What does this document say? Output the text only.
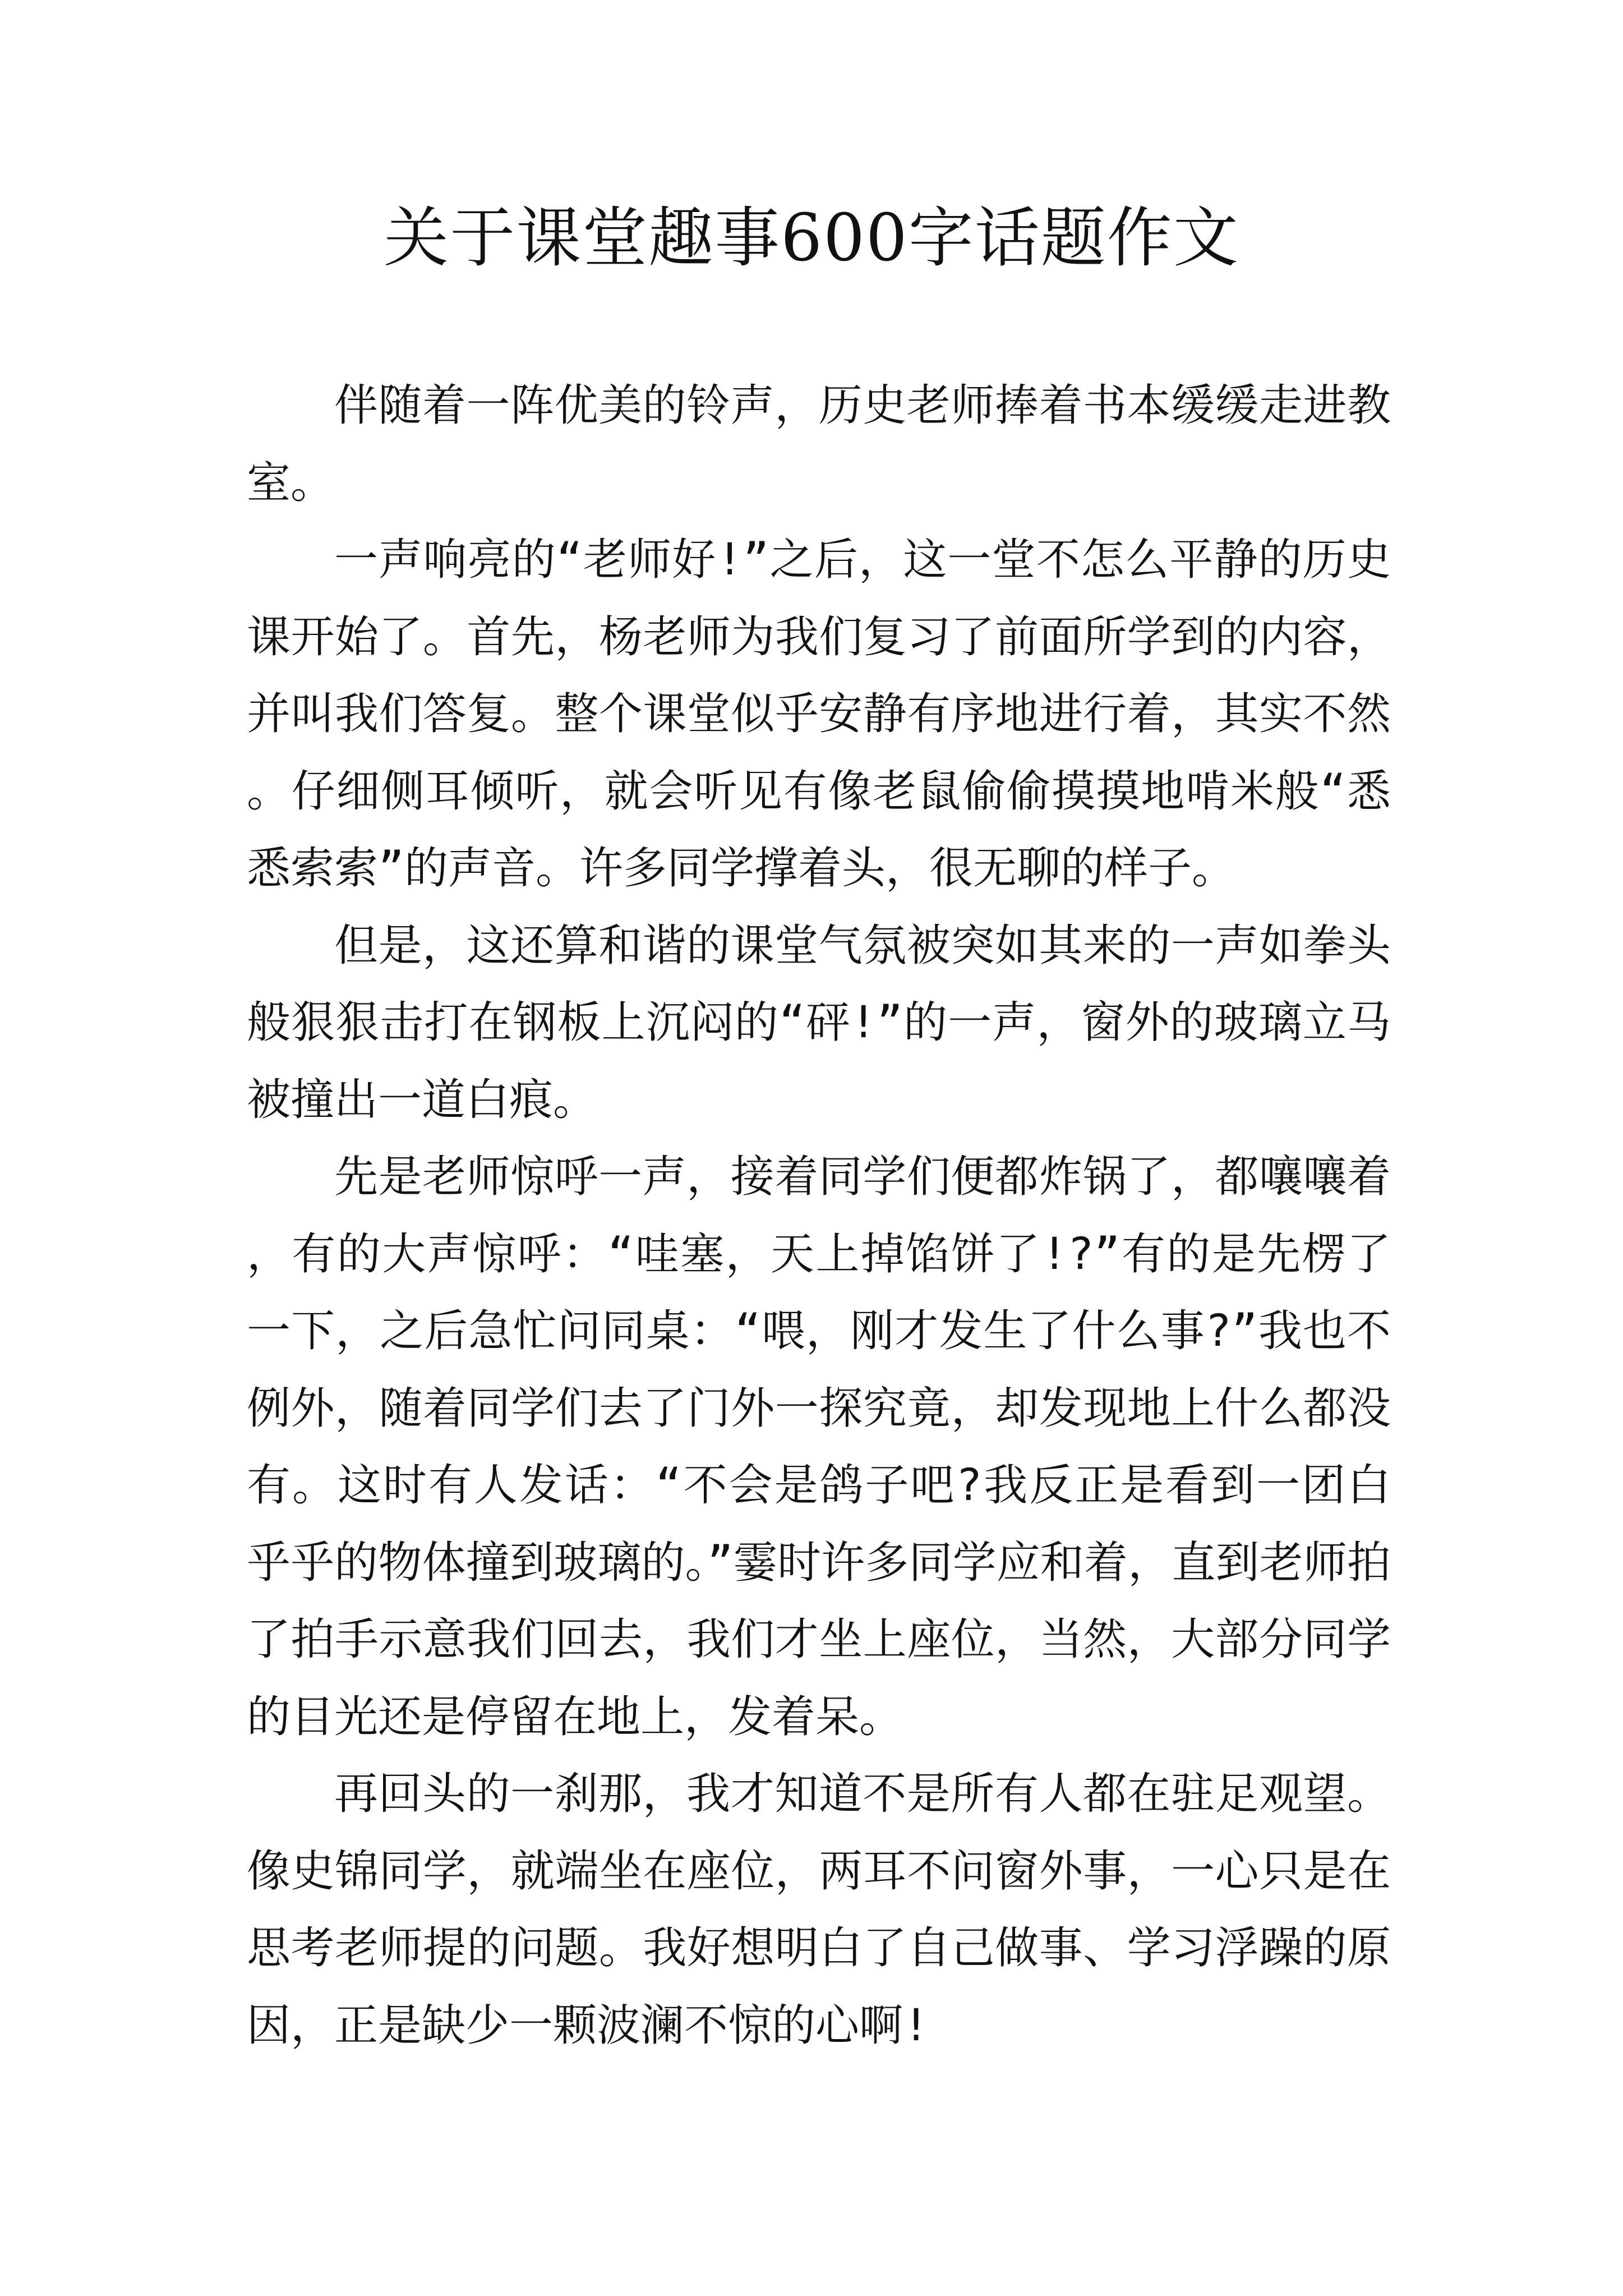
关于课堂趣事600字话题作文

伴随着一阵优美的铃声，历史老师捧着书本缓缓走进教室。

一声响亮的“老师好!”之后，这一堂不怎么平静的历史课开始了。首先，杨老师为我们复习了前面所学到的内容，并叫我们答复。整个课堂似乎安静有序地进行着，其实不然。仔细侧耳倾听，就会听见有像老鼠偷偷摸摸地啃米般“悉悉索索”的声音。许多同学撑着头，很无聊的样子。

但是，这还算和谐的课堂气氛被突如其来的一声如拳头般狠狠击打在钢板上沉闷的“砰!”的一声，窗外的玻璃立马被撞出一道白痕。

先是老师惊呼一声，接着同学们便都炸锅了，都嚷嚷着，有的大声惊呼：“哇塞，天上掉馅饼了!?”有的是先楞了一下，之后急忙问同桌：“喂，刚才发生了什么事?”我也不例外，随着同学们去了门外一探究竟，却发现地上什么都没有。这时有人发话：“不会是鸽子吧?我反正是看到一团白乎乎的物体撞到玻璃的。”霎时许多同学应和着，直到老师拍了拍手示意我们回去，我们才坐上座位，当然，大部分同学的目光还是停留在地上，发着呆。

再回头的一刹那，我才知道不是所有人都在驻足观望。像史锦同学，就端坐在座位，两耳不问窗外事，一心只是在思考老师提的问题。我好想明白了自己做事、学习浮躁的原因，正是缺少一颗波澜不惊的心啊!
